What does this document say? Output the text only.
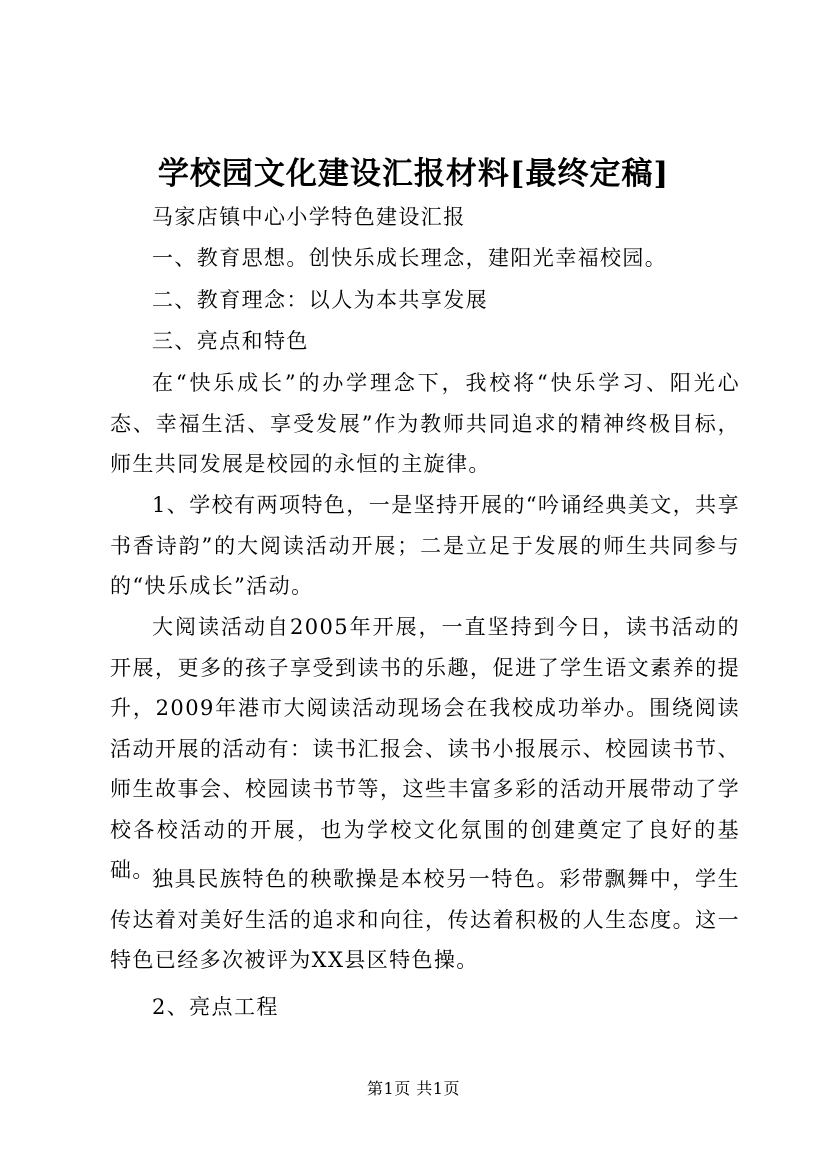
学校园文化建设汇报材料[最终定稿]
马家店镇中心小学特色建设汇报
一、教育思想。创快乐成长理念，建阳光幸福校园。
二、教育理念：以人为本共享发展
三、亮点和特色
在“快乐成长”的办学理念下，我校将“快乐学习、阳光心态、幸福生活、享受发展”作为教师共同追求的精神终极目标，师生共同发展是校园的永恒的主旋律。
1、学校有两项特色，一是坚持开展的“吟诵经典美文，共享书香诗韵”的大阅读活动开展；二是立足于发展的师生共同参与的“快乐成长”活动。
大阅读活动自2005年开展，一直坚持到今日，读书活动的开展，更多的孩子享受到读书的乐趣，促进了学生语文素养的提升，2009年港市大阅读活动现场会在我校成功举办。围绕阅读活动开展的活动有：读书汇报会、读书小报展示、校园读书节、师生故事会、校园读书节等，这些丰富多彩的活动开展带动了学校各校活动的开展，也为学校文化氛围的创建奠定了良好的基础。
独具民族特色的秧歌操是本校另一特色。彩带飘舞中，学生传达着对美好生活的追求和向往，传达着积极的人生态度。这一特色已经多次被评为XX县区特色操。
2、亮点工程
第1页 共1页
